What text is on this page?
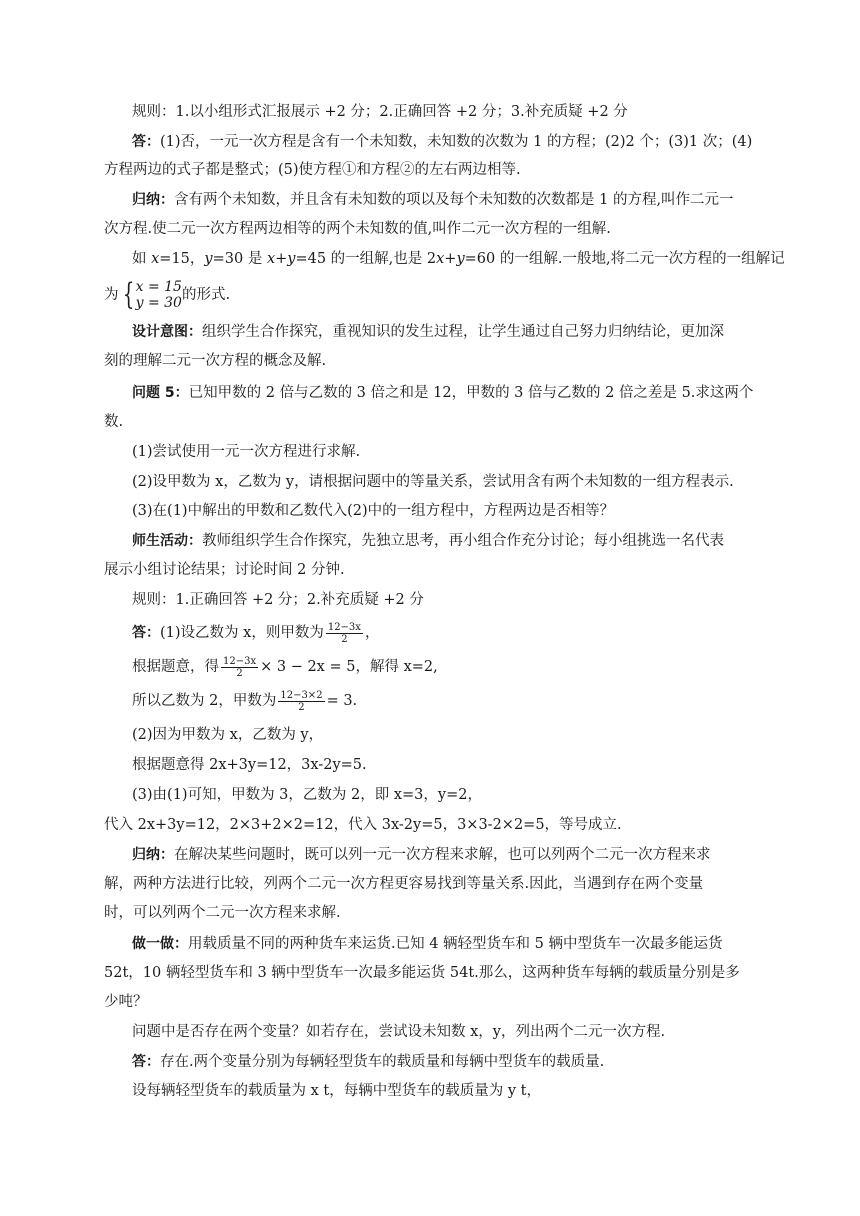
规则：1.以小组形式汇报展示 +2 分；2.正确回答 +2 分；3.补充质疑 +2 分
答：(1)否，一元一次方程是含有一个未知数，未知数的次数为 1 的方程；(2)2 个；(3)1 次；(4)
方程两边的式子都是整式；(5)使方程①和方程②的左右两边相等.
归纳：含有两个未知数，并且含有未知数的项以及每个未知数的次数都是 1 的方程,叫作二元一
次方程.使二元一次方程两边相等的两个未知数的值,叫作二元一次方程的一组解.
如 x=15，y=30 是 x+y=45 的一组解,也是 2x+y=60 的一组解.一般地,将二元一次方程的一组解记
为 { x = 15
y = 30 的形式.
设计意图：组织学生合作探究，重视知识的发生过程，让学生通过自己努力归纳结论，更加深
刻的理解二元一次方程的概念及解.
问题 5：已知甲数的 2 倍与乙数的 3 倍之和是 12，甲数的 3 倍与乙数的 2 倍之差是 5.求这两个
数.
(1)尝试使用一元一次方程进行求解.
(2)设甲数为 x，乙数为 y，请根据问题中的等量关系，尝试用含有两个未知数的一组方程表示.
(3)在(1)中解出的甲数和乙数代入(2)中的一组方程中，方程两边是否相等？
师生活动：教师组织学生合作探究，先独立思考，再小组合作充分讨论；每小组挑选一名代表
展示小组讨论结果；讨论时间 2 分钟.
规则：1.正确回答 +2 分；2.补充质疑 +2 分
答：(1)设乙数为 x，则甲数为 $\frac{12-3x}{2}$ ，
根据题意，得 $\frac{12-3x}{2} \times 3 - 2x = 5$，解得 x=2,
所以乙数为 2，甲数为 $\frac{12-3\times 2}{2} = 3$.
(2)因为甲数为 x，乙数为 y，
根据题意得 2x+3y=12，3x-2y=5.
(3)由(1)可知，甲数为 3，乙数为 2，即 x=3，y=2，
代入 2x+3y=12，2×3+2×2=12，代入 3x-2y=5，3×3-2×2=5，等号成立.
归纳：在解决某些问题时，既可以列一元一次方程来求解，也可以列两个二元一次方程来求
解，两种方法进行比较，列两个二元一次方程更容易找到等量关系.因此，当遇到存在两个变量
时，可以列两个二元一次方程来求解.
做一做：用载质量不同的两种货车来运货.已知 4 辆轻型货车和 5 辆中型货车一次最多能运货
52t，10 辆轻型货车和 3 辆中型货车一次最多能运货 54t.那么，这两种货车每辆的载质量分别是多
少吨？
问题中是否存在两个变量？如若存在，尝试设未知数 x，y，列出两个二元一次方程.
答：存在.两个变量分别为每辆轻型货车的载质量和每辆中型货车的载质量.
设每辆轻型货车的载质量为 x t，每辆中型货车的载质量为 y t，
